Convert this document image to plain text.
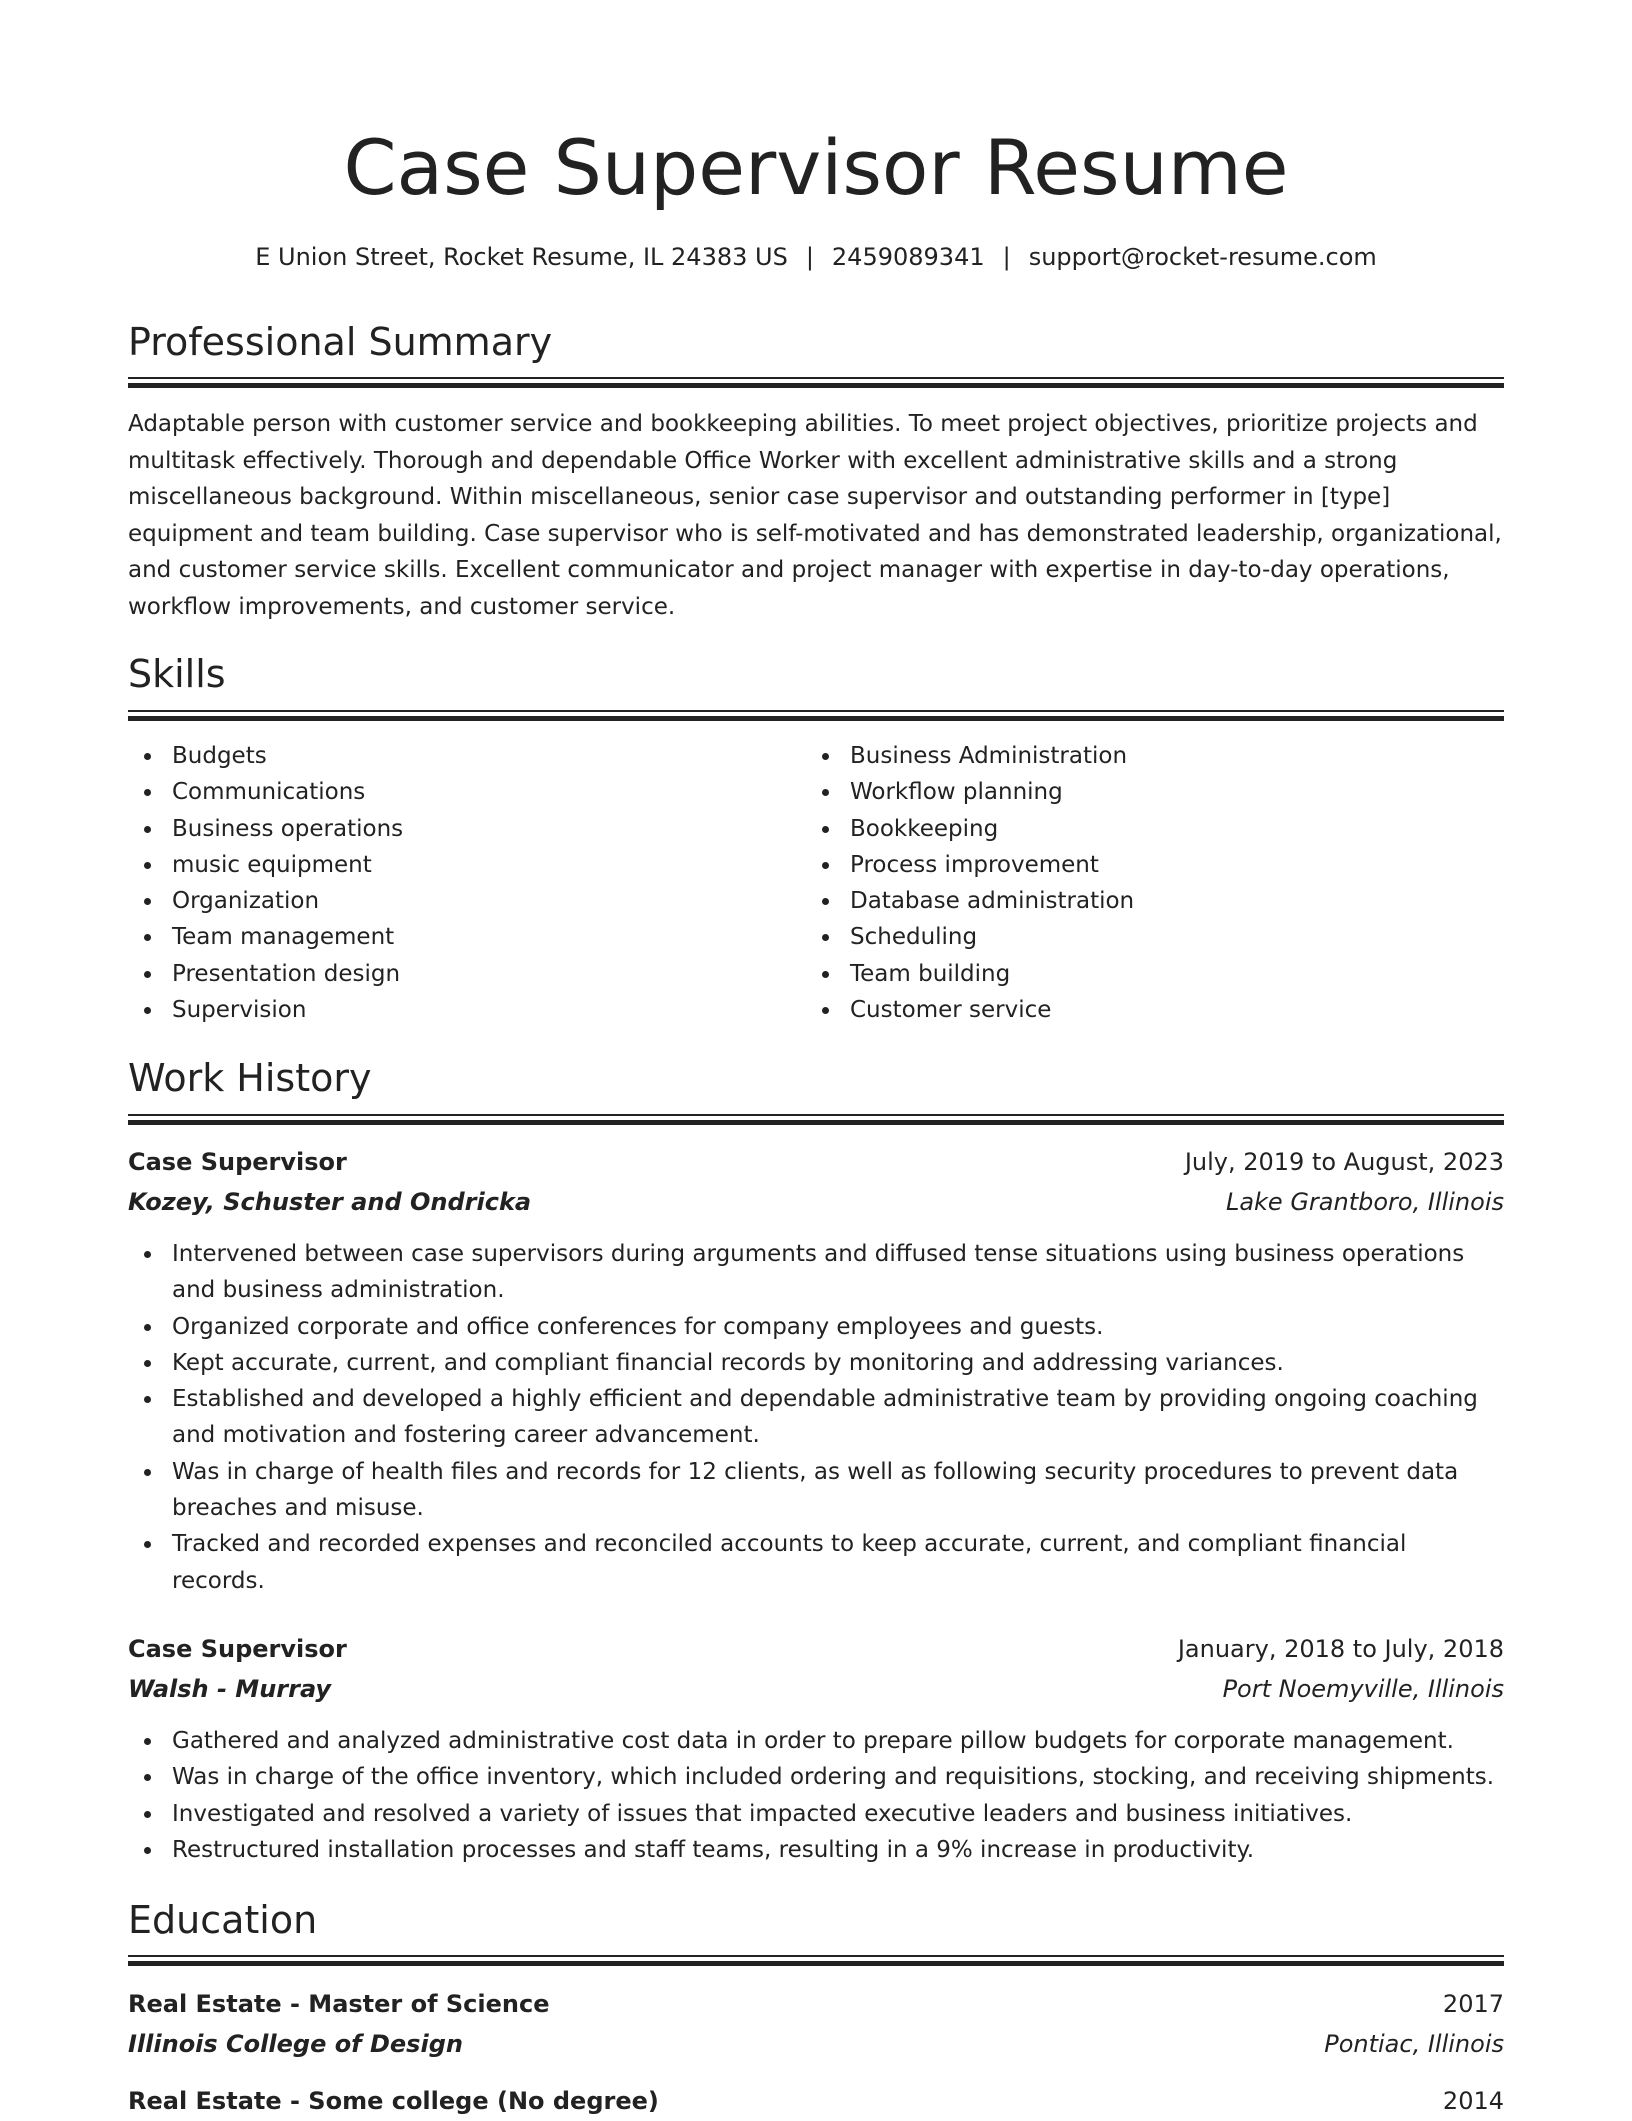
Case Supervisor Resume
E Union Street, Rocket Resume, IL 24383 US | 2459089341 | support@rocket-resume.com
Professional Summary
Adaptable person with customer service and bookkeeping abilities. To meet project objectives, prioritize projects and
multitask effectively. Thorough and dependable Office Worker with excellent administrative skills and a strong
miscellaneous background. Within miscellaneous, senior case supervisor and outstanding performer in [type]
equipment and team building. Case supervisor who is self-motivated and has demonstrated leadership, organizational,
and customer service skills. Excellent communicator and project manager with expertise in day-to-day operations,
workflow improvements, and customer service.
Skills
Budgets
Communications
Business operations
music equipment
Organization
Team management
Presentation design
Supervision
Business Administration
Workflow planning
Bookkeeping
Process improvement
Database administration
Scheduling
Team building
Customer service
Work History
Case Supervisor	July, 2019 to August, 2023
Kozey, Schuster and Ondricka	Lake Grantboro, Illinois
Intervened between case supervisors during arguments and diffused tense situations using business operations
and business administration.
Organized corporate and office conferences for company employees and guests.
Kept accurate, current, and compliant financial records by monitoring and addressing variances.
Established and developed a highly efficient and dependable administrative team by providing ongoing coaching
and motivation and fostering career advancement.
Was in charge of health files and records for 12 clients, as well as following security procedures to prevent data
breaches and misuse.
Tracked and recorded expenses and reconciled accounts to keep accurate, current, and compliant financial
records.
Case Supervisor	January, 2018 to July, 2018
Walsh - Murray	Port Noemyville, Illinois
Gathered and analyzed administrative cost data in order to prepare pillow budgets for corporate management.
Was in charge of the office inventory, which included ordering and requisitions, stocking, and receiving shipments.
Investigated and resolved a variety of issues that impacted executive leaders and business initiatives.
Restructured installation processes and staff teams, resulting in a 9% increase in productivity.
Education
Real Estate - Master of Science	2017
Illinois College of Design	Pontiac, Illinois
Real Estate - Some college (No degree)	2014
